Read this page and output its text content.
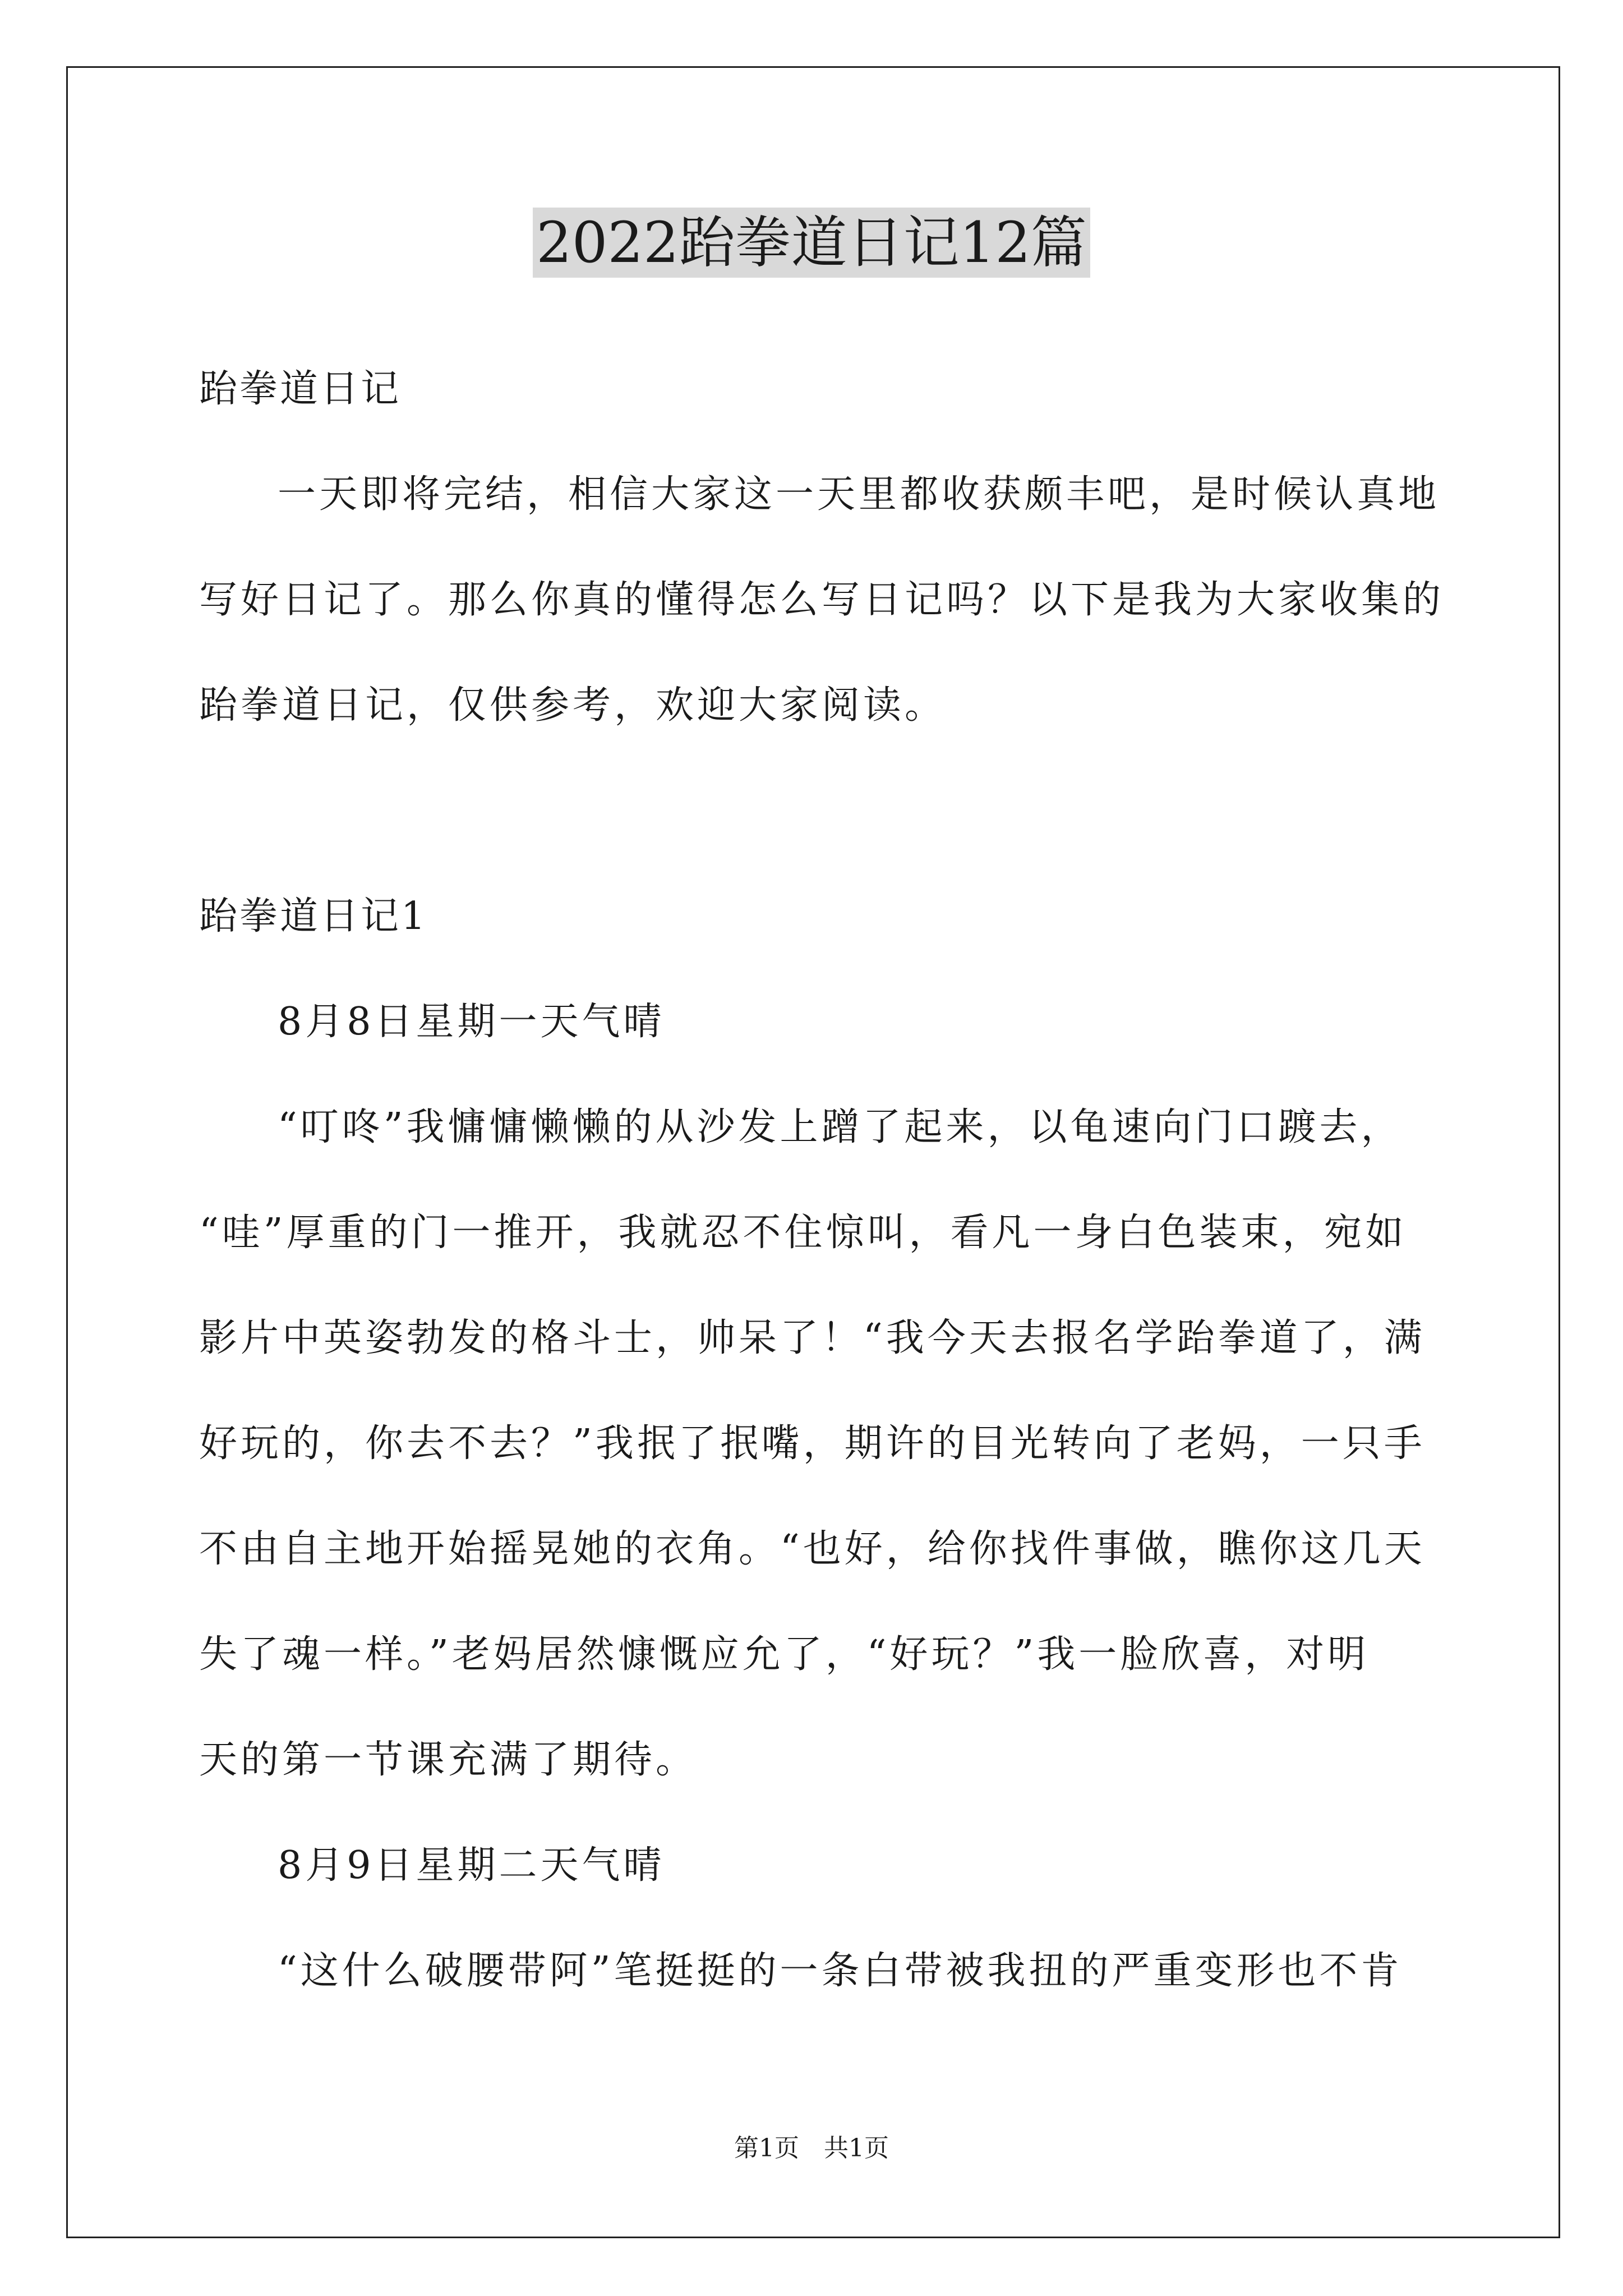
2022跆拳道日记12篇

跆拳道日记

一天即将完结，相信大家这一天里都收获颇丰吧，是时候认真地

写好日记了。那么你真的懂得怎么写日记吗？以下是我为大家收集的

跆拳道日记，仅供参考，欢迎大家阅读。

跆拳道日记1

8月8日星期一天气晴

“叮咚”我慵慵懒懒的从沙发上蹭了起来，以龟速向门口踱去，

“哇”厚重的门一推开，我就忍不住惊叫，看凡一身白色装束，宛如

影片中英姿勃发的格斗士，帅呆了！“我今天去报名学跆拳道了，满

好玩的，你去不去？”我抿了抿嘴，期许的目光转向了老妈，一只手

不由自主地开始摇晃她的衣角。“也好，给你找件事做，瞧你这几天

失了魂一样。”老妈居然慷慨应允了，“好玩？”我一脸欣喜，对明

天的第一节课充满了期待。

8月9日星期二天气晴

“这什么破腰带阿”笔挺挺的一条白带被我扭的严重变形也不肯

第1页　共1页
